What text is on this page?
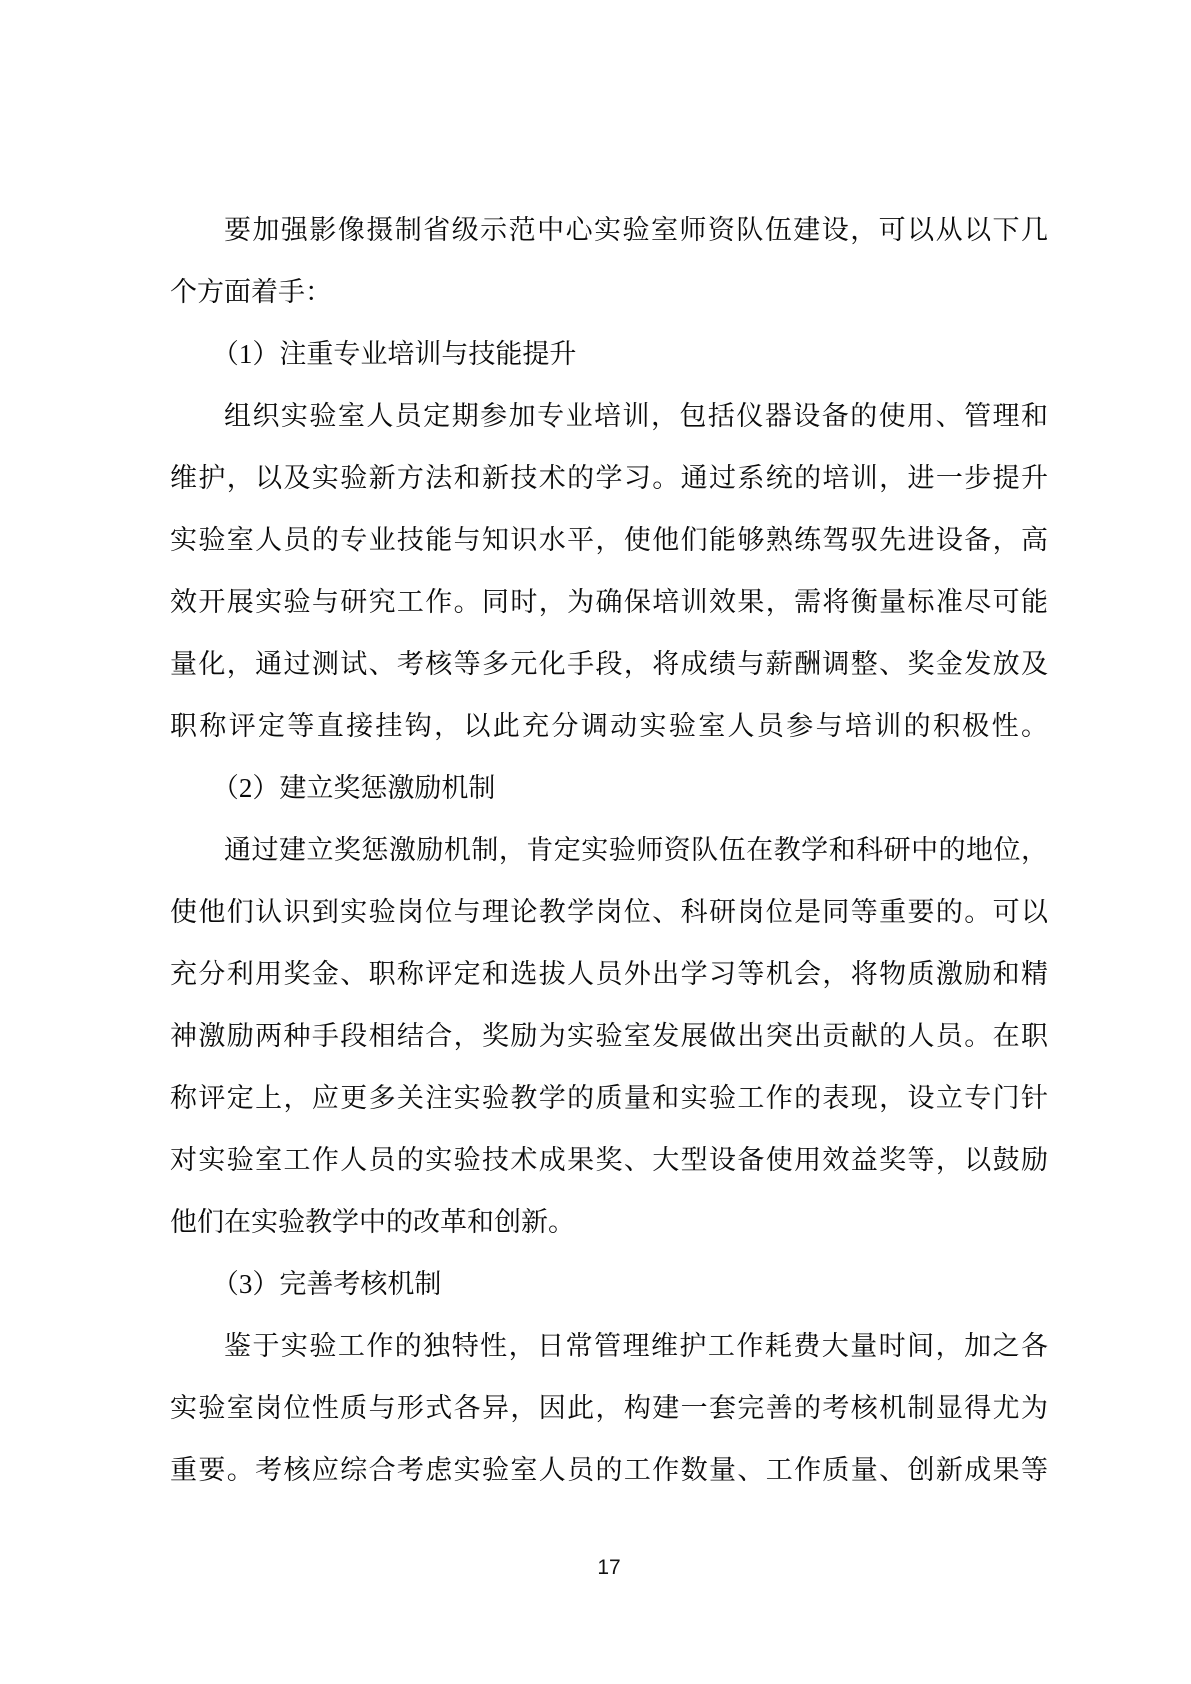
要加强影像摄制省级示范中心实验室师资队伍建设，可以从以下几
个方面着手：
（1）注重专业培训与技能提升
组织实验室人员定期参加专业培训，包括仪器设备的使用、管理和
维护，以及实验新方法和新技术的学习。通过系统的培训，进一步提升
实验室人员的专业技能与知识水平，使他们能够熟练驾驭先进设备，高
效开展实验与研究工作。同时，为确保培训效果，需将衡量标准尽可能
量化，通过测试、考核等多元化手段，将成绩与薪酬调整、奖金发放及
职称评定等直接挂钩，以此充分调动实验室人员参与培训的积极性。
（2）建立奖惩激励机制
通过建立奖惩激励机制，肯定实验师资队伍在教学和科研中的地位，
使他们认识到实验岗位与理论教学岗位、科研岗位是同等重要的。可以
充分利用奖金、职称评定和选拔人员外出学习等机会，将物质激励和精
神激励两种手段相结合，奖励为实验室发展做出突出贡献的人员。在职
称评定上，应更多关注实验教学的质量和实验工作的表现，设立专门针
对实验室工作人员的实验技术成果奖、大型设备使用效益奖等，以鼓励
他们在实验教学中的改革和创新。
（3）完善考核机制
鉴于实验工作的独特性，日常管理维护工作耗费大量时间，加之各
实验室岗位性质与形式各异，因此，构建一套完善的考核机制显得尤为
重要。考核应综合考虑实验室人员的工作数量、工作质量、创新成果等
17
